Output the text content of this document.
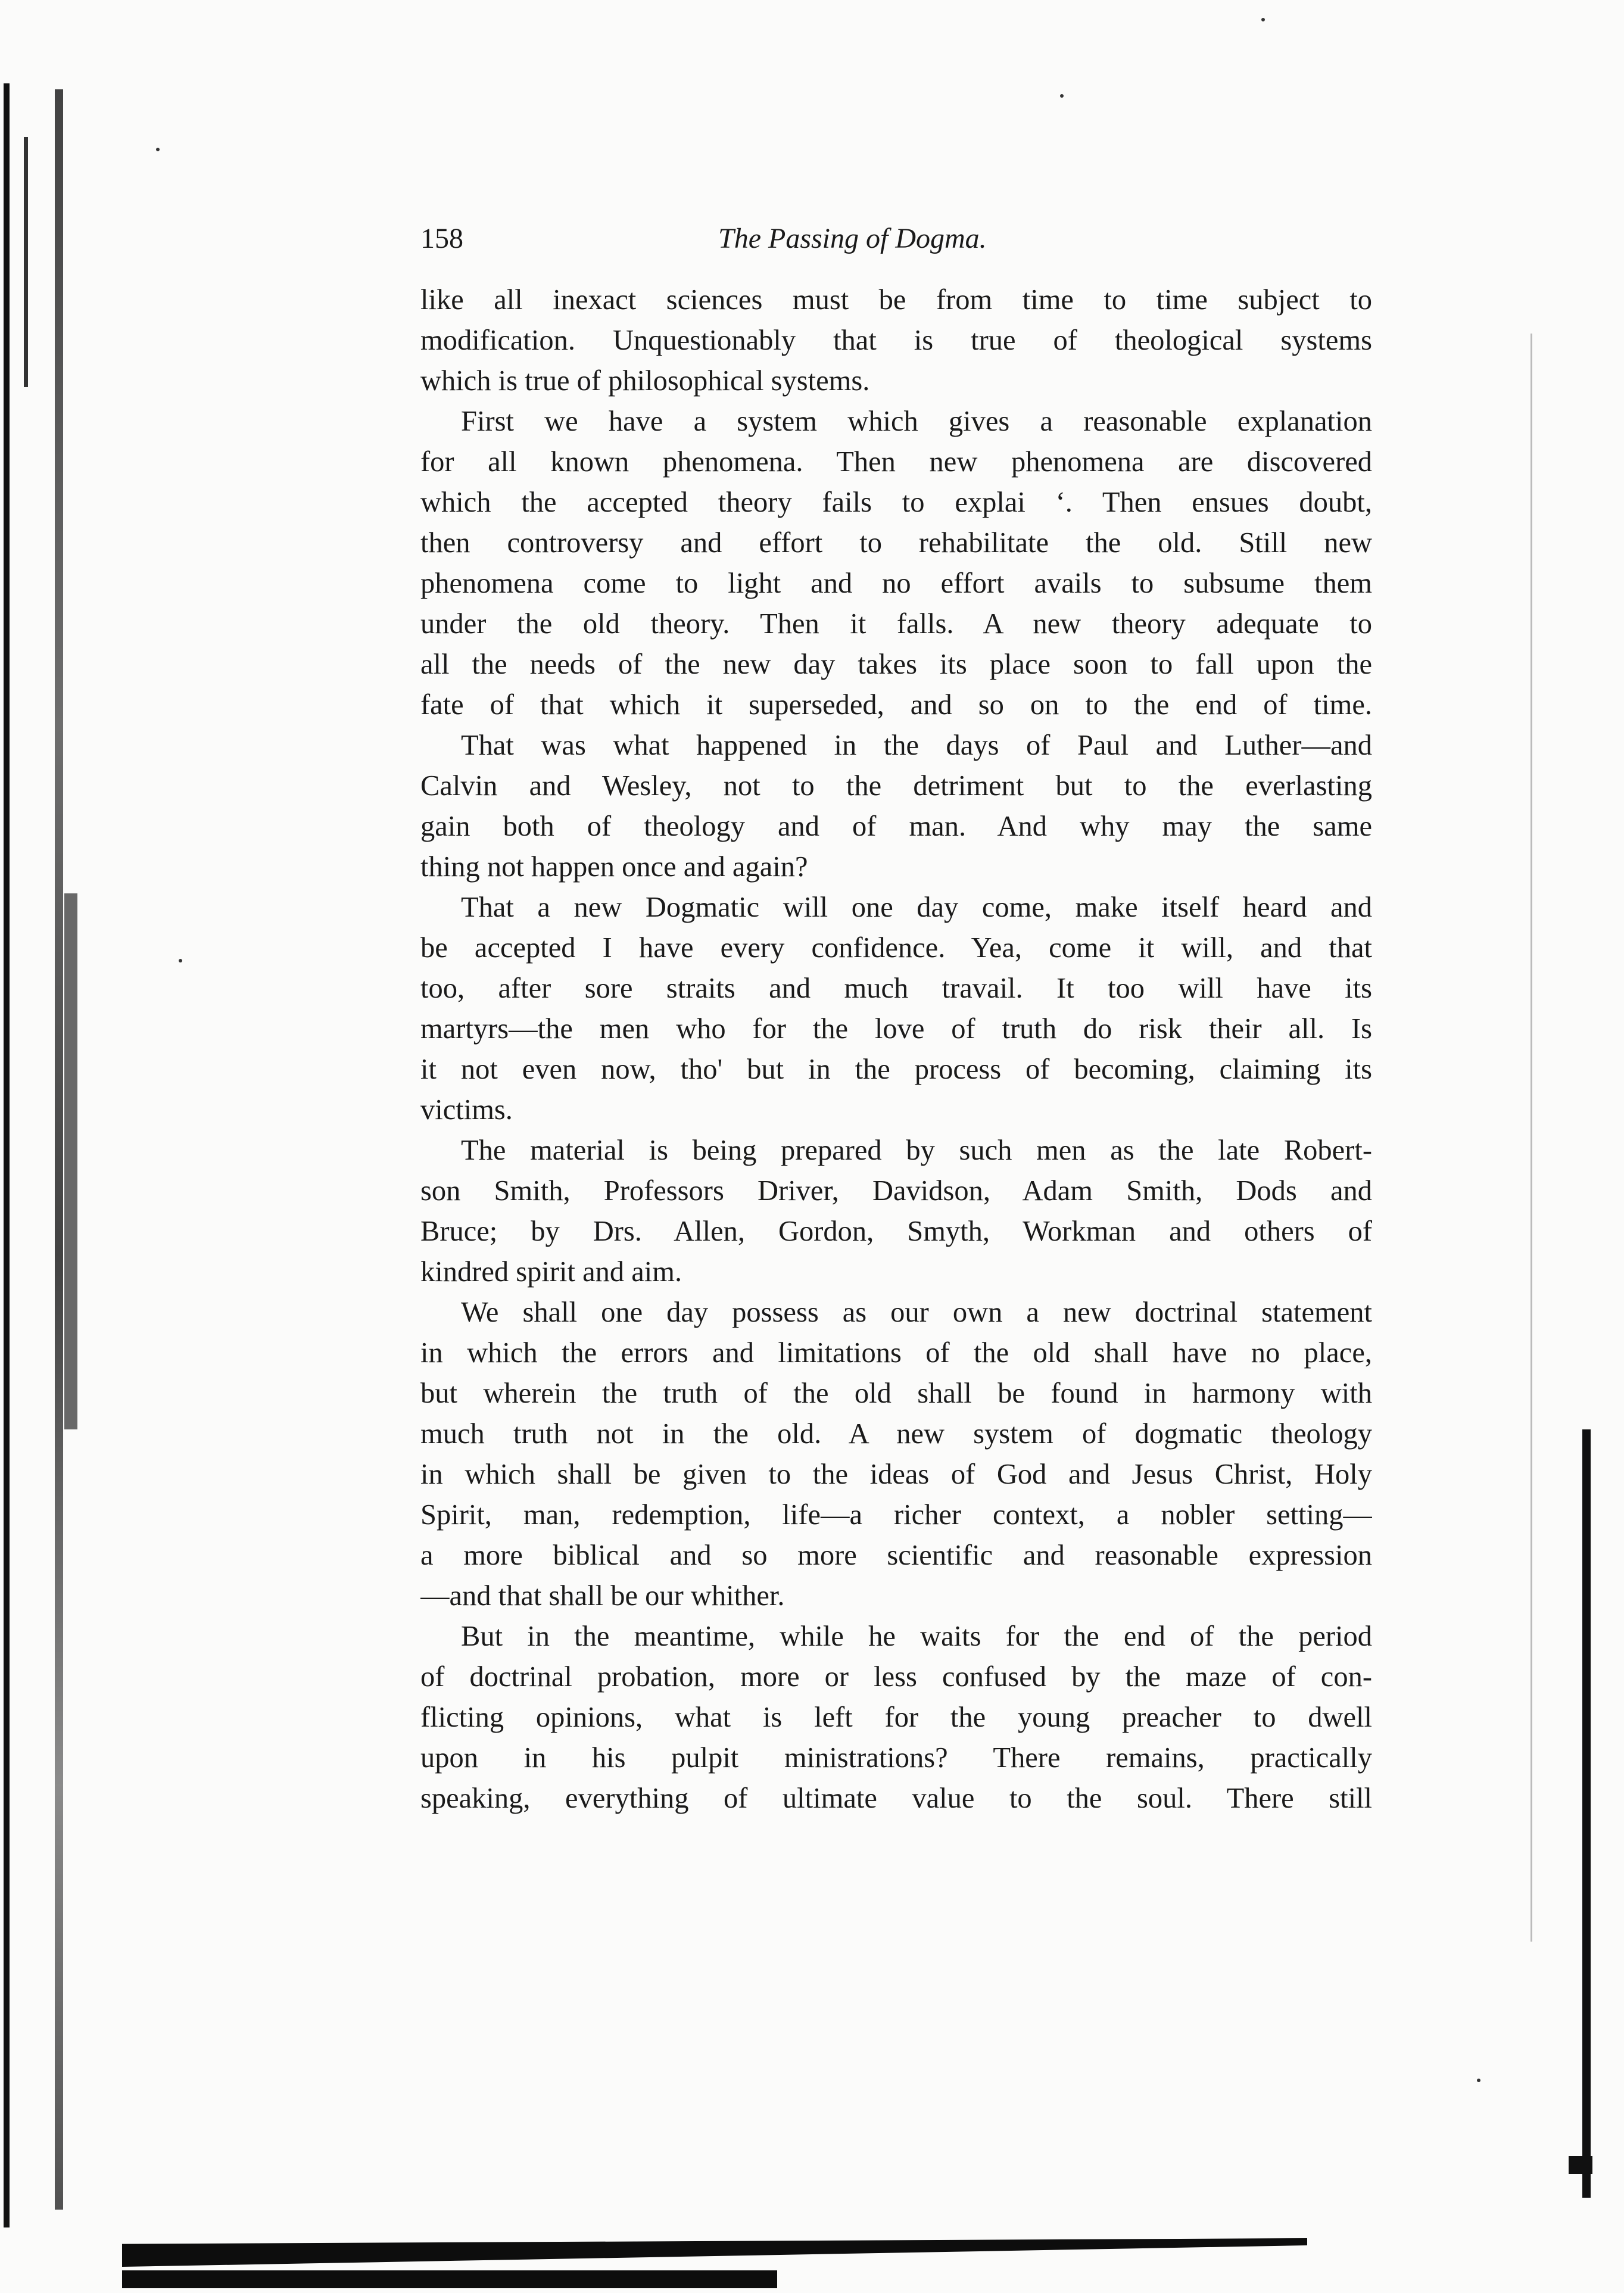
158	The Passing of Dogma.
like all inexact sciences must be from time to time subject to
modification. Unquestionably that is true of theological systems
which is true of philosophical systems.
First we have a system which gives a reasonable explanation
for all known phenomena. Then new phenomena are discovered
which the accepted theory fails to explai ʻ. Then ensues doubt,
then controversy and effort to rehabilitate the old. Still new
phenomena come to light and no effort avails to subsume them
under the old theory. Then it falls. A new theory adequate to
all the needs of the new day takes its place soon to fall upon the
fate of that which it superseded, and so on to the end of time.
That was what happened in the days of Paul and Luther—and
Calvin and Wesley, not to the detriment but to the everlasting
gain both of theology and of man. And why may the same
thing not happen once and again?
That a new Dogmatic will one day come, make itself heard and
be accepted I have every confidence. Yea, come it will, and that
too, after sore straits and much travail. It too will have its
martyrs—the men who for the love of truth do risk their all. Is
it not even now, tho' but in the process of becoming, claiming its
victims.
The material is being prepared by such men as the late Robert-
son Smith, Professors Driver, Davidson, Adam Smith, Dods and
Bruce; by Drs. Allen, Gordon, Smyth, Workman and others of
kindred spirit and aim.
We shall one day possess as our own a new doctrinal statement
in which the errors and limitations of the old shall have no place,
but wherein the truth of the old shall be found in harmony with
much truth not in the old. A new system of dogmatic theology
in which shall be given to the ideas of God and Jesus Christ, Holy
Spirit, man, redemption, life—a richer context, a nobler setting—
a more biblical and so more scientific and reasonable expression
—and that shall be our whither.
But in the meantime, while he waits for the end of the period
of doctrinal probation, more or less confused by the maze of con-
flicting opinions, what is left for the young preacher to dwell
upon in his pulpit ministrations? There remains, practically
speaking, everything of ultimate value to the soul. There still
